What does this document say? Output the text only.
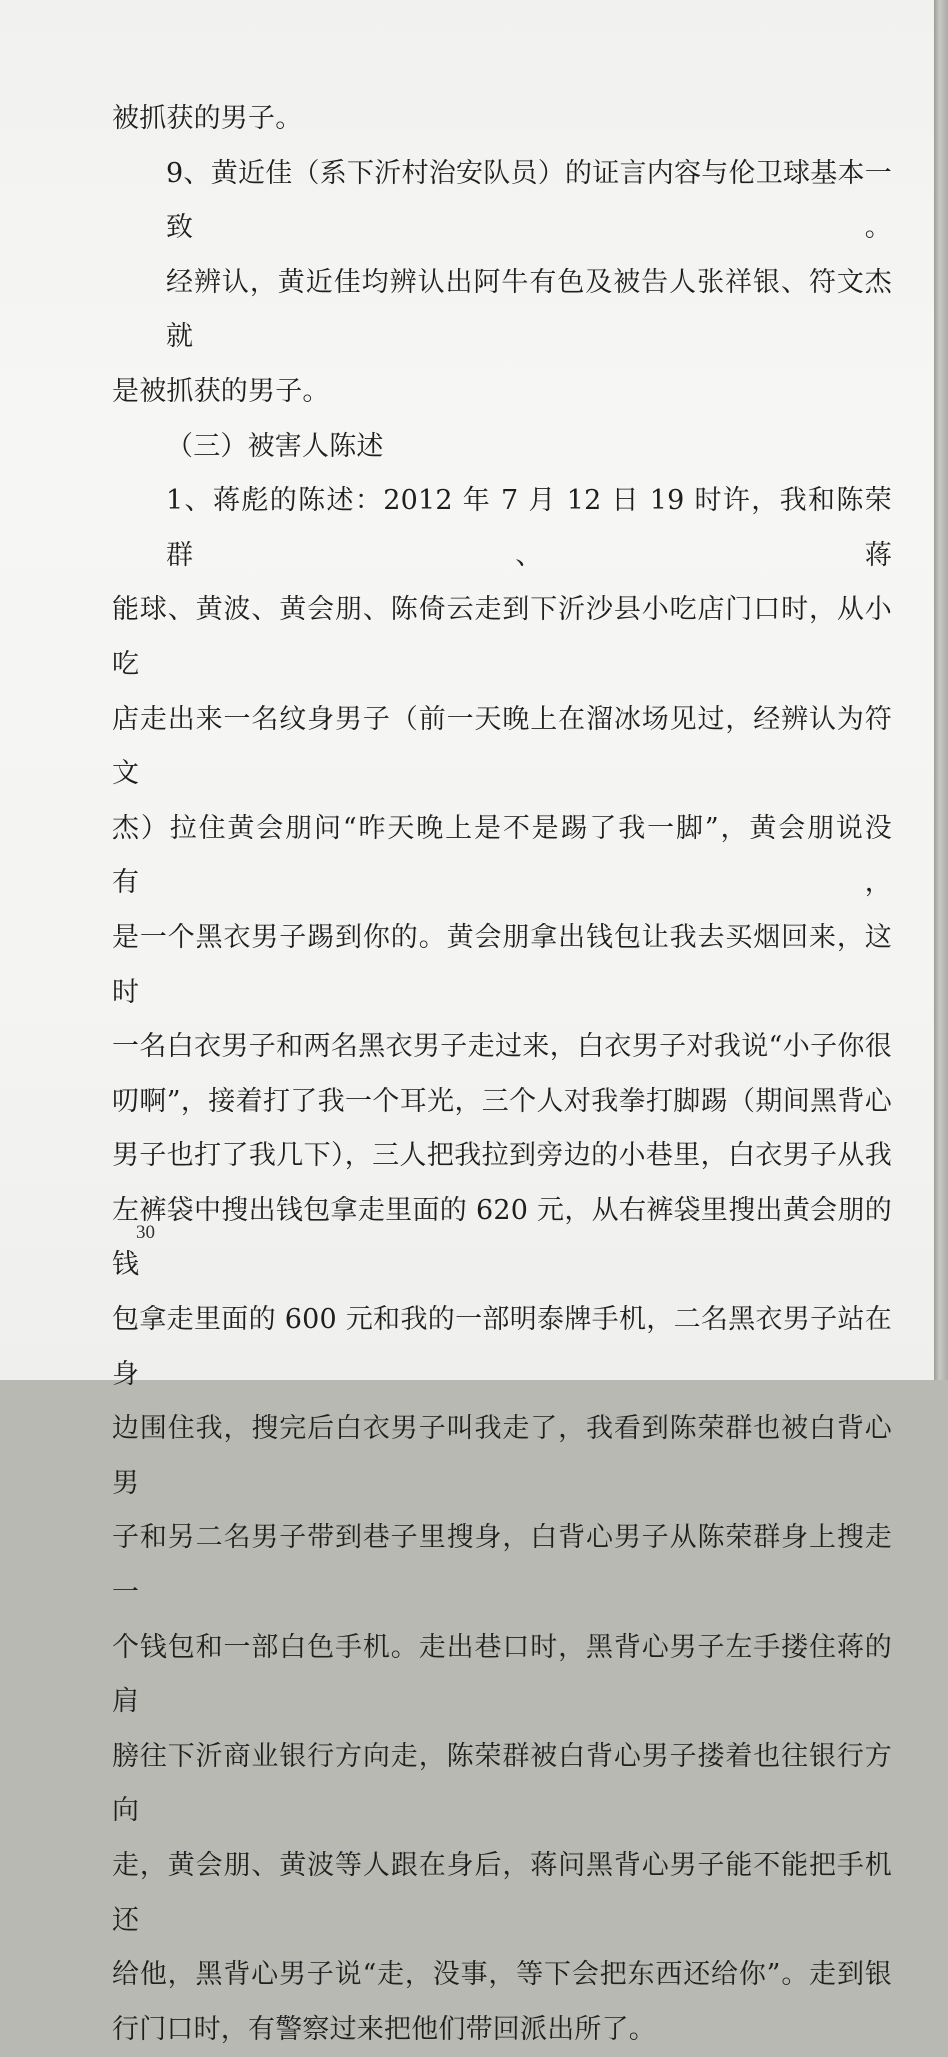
被抓获的男子。
9、黄近佳（系下沂村治安队员）的证言内容与伦卫球基本一致。
经辨认，黄近佳均辨认出阿牛有色及被告人张祥银、符文杰就
是被抓获的男子。
（三）被害人陈述
1、蒋彪的陈述：2012 年 7 月 12 日 19 时许，我和陈荣群、蒋
能球、黄波、黄会朋、陈倚云走到下沂沙县小吃店门口时，从小吃
店走出来一名纹身男子（前一天晚上在溜冰场见过，经辨认为符文
杰）拉住黄会朋问“昨天晚上是不是踢了我一脚”，黄会朋说没有，
是一个黑衣男子踢到你的。黄会朋拿出钱包让我去买烟回来，这时
一名白衣男子和两名黑衣男子走过来，白衣男子对我说“小子你很
叨啊”，接着打了我一个耳光，三个人对我拳打脚踢（期间黑背心
男子也打了我几下），三人把我拉到旁边的小巷里，白衣男子从我
左裤袋中搜出钱包拿走里面的 620 元，从右裤袋里搜出黄会朋的钱
包拿走里面的 600 元和我的一部明泰牌手机，二名黑衣男子站在身
边围住我，搜完后白衣男子叫我走了，我看到陈荣群也被白背心男
子和另二名男子带到巷子里搜身，白背心男子从陈荣群身上搜走一
个钱包和一部白色手机。走出巷口时，黑背心男子左手搂住蒋的肩
膀往下沂商业银行方向走，陈荣群被白背心男子搂着也往银行方向
走，黄会朋、黄波等人跟在身后，蒋问黑背心男子能不能把手机还
给他，黑背心男子说“走，没事，等下会把东西还给你”。走到银
行门口时，有警察过来把他们带回派出所了。
30
